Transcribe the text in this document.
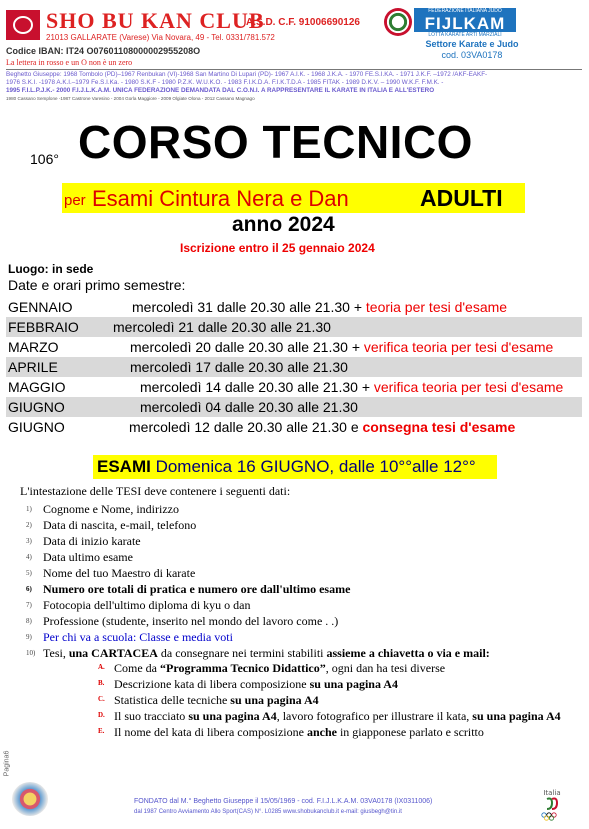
SHO BU KAN CLUB
A.S.D. C.F. 91006690126
21013 GALLARATE (Varese) Via Novara, 49 - Tel. 0331/781.572
FEDERAZIONE ITALIANA JUDO
FIJLKAM
LOTTA KARATE ARTI MARZIALI
Settore Karate e Judo
cod. 03VA0178
Codice IBAN: IT24 O07601108000002955208O
La lettera in rosso e un O non è un zero
Beghetto Giuseppe: 1968 Tombolo (PD)–1967 Renbukan (VI)-1968 San Martino Di Lupari (PD)- 1967 A.I.K. - 1968 J.K.A. - 1970 FE.S.I.KA. - 1971 J.K.F. –1972 /AKF-EAKF-
1976 S.K.I. -1978 A.K.I.–1979 Fe.S.I.Ka. - 1980 S.K.F - 1980 P.Z.K. W.U.K.O. - 1983 F.I.K.D.A. F.I.K.T.D.A - 1985 FITAK - 1989 D.K.V. – 1990 W.K.F. F.M.K. -
1995 F.I.L.P.J.K.- 2000 F.I.J.L.K.A.M. UNICA FEDERAZIONE DEMANDATA DAL C.O.N.I. A RAPPRESENTARE IL KARATE IN ITALIA E ALL'ESTERO
1980 Cassano Semplone -1987 Castrone Varesino - 2004 Gorla Maggiore - 2009 Olgiate Olona - 2012 Cassano Magnago
106° CORSO TECNICO
per Esami Cintura Nera e Dan	ADULTI
anno 2024
Iscrizione entro il 25 gennaio 2024
Luogo: in sede
Date e orari primo semestre:
GENNAIO	mercoledì 31 dalle 20.30 alle 21.30 + teoria per tesi d'esame
FEBBRAIO mercoledì 21 dalle 20.30 alle 21.30
MARZO	mercoledì 20 dalle 20.30 alle 21.30 + verifica teoria per tesi d'esame
APRILE	mercoledì 17 dalle 20.30 alle 21.30
MAGGIO	mercoledì 14 dalle 20.30 alle 21.30 + verifica teoria per tesi d'esame
GIUGNO	mercoledì 04 dalle 20.30 alle 21.30
GIUGNO	mercoledì 12 dalle 20.30 alle 21.30 e consegna tesi d'esame
ESAMI Domenica 16 GIUGNO, dalle 10°°alle 12°°
L'intestazione delle TESI deve contenere i seguenti dati:
1) Cognome e Nome, indirizzo
2) Data di nascita, e-mail, telefono
3) Data di inizio karate
4) Data ultimo esame
5) Nome del tuo Maestro di karate
6) Numero ore totali di pratica e numero ore dall'ultimo esame
7) Fotocopia dell'ultimo diploma di kyu o dan
8) Professione (studente, inserito nel mondo del lavoro come . .)
9) Per chi va a scuola: Classe e media voti
10) Tesi, una CARTACEA da consegnare nei termini stabiliti assieme a chiavetta o via e mail:
A. Come da “Programma Tecnico Didattico”, ogni dan ha tesi diverse
B. Descrizione kata di libera composizione su una pagina A4
C. Statistica delle tecniche su una pagina A4
D. Il suo tracciato su una pagina A4, lavoro fotografico per illustrare il kata, su una pagina A4
E. Il nome del kata di libera composizione anche in giapponese parlato e scritto
Pagina6
FONDATO dal M.° Beghetto Giuseppe il 15/05/1969 - cod. F.I.J.L.K.A.M. 03VA0178 (IX0311006)
dal 1987 Centro Avviamento Allo Sport(CAS) N°. L0285 www.shobukanclub.it e-mail: giusbegh@tin.it
Italia
